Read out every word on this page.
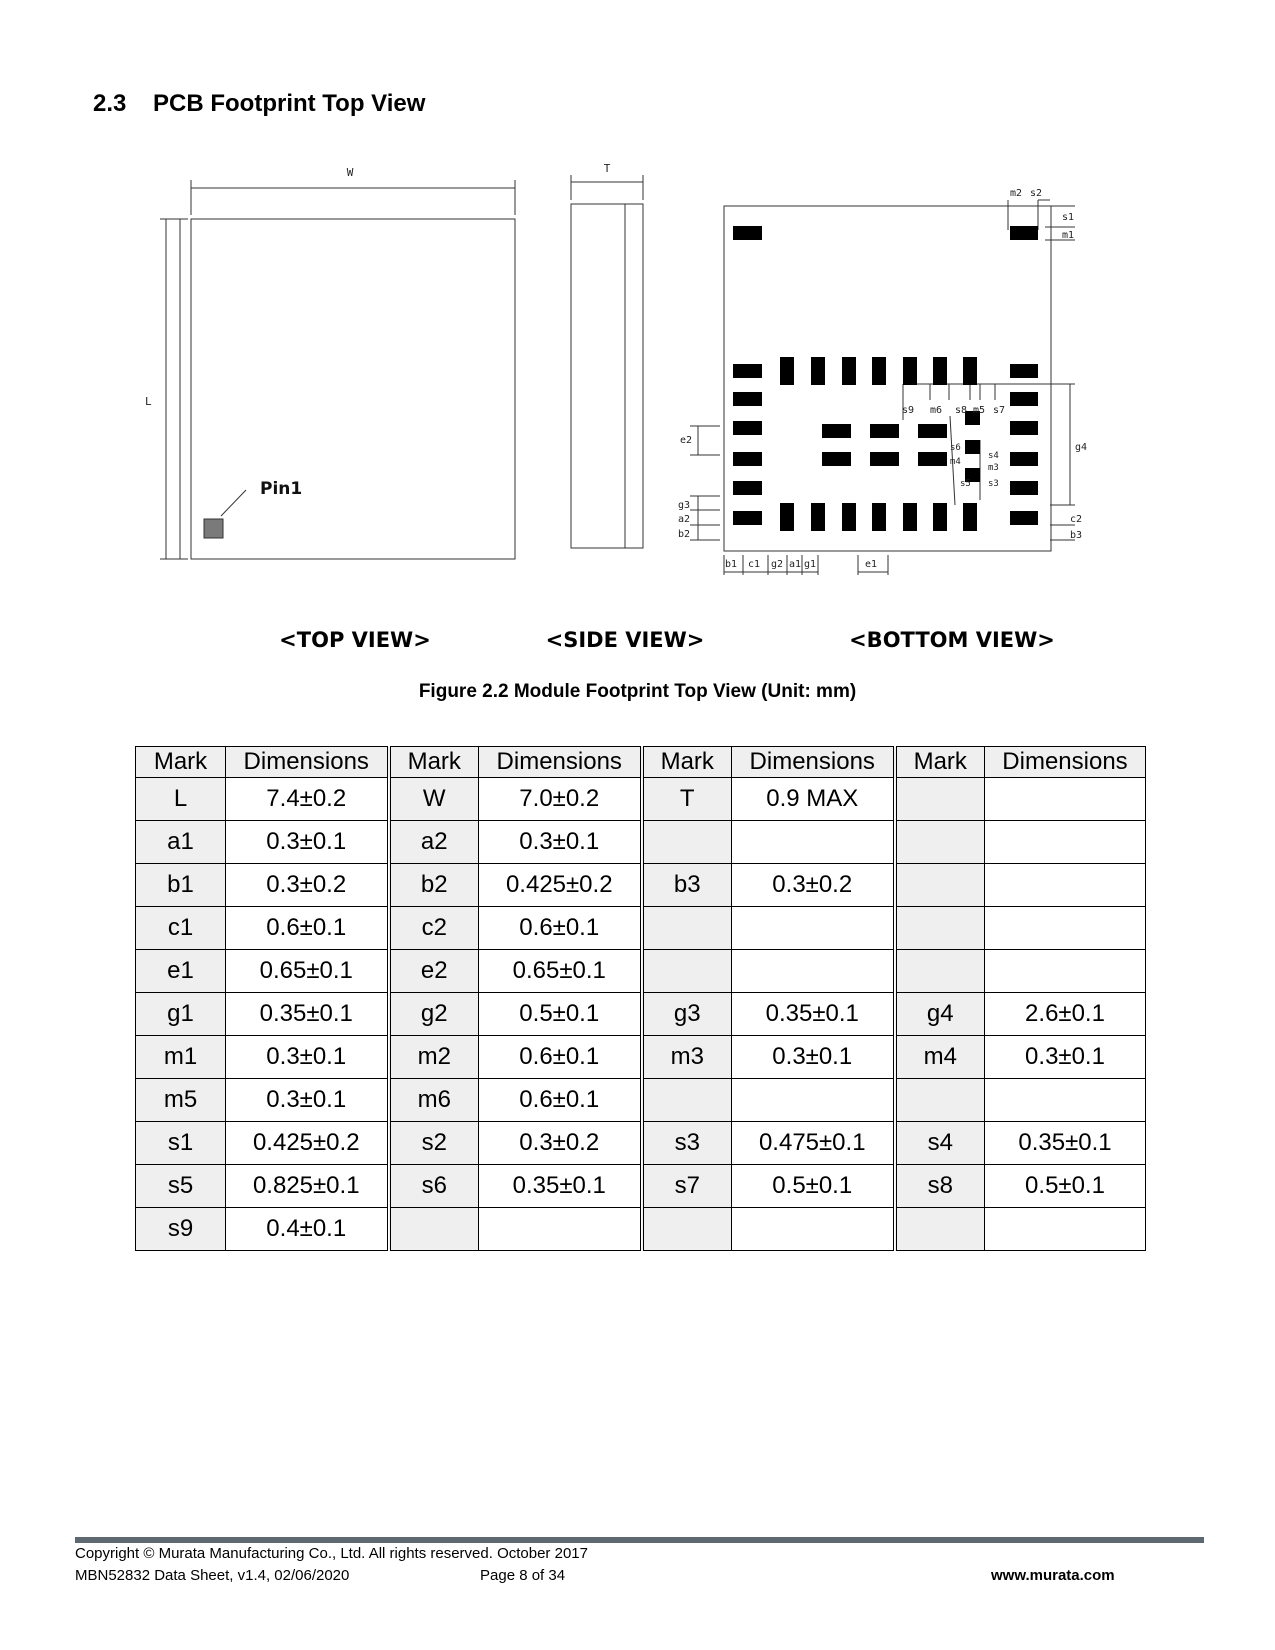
2.3 PCB Footprint Top View
W	T
L
m2 s2
s1
m1
s9 m6 s8 m5 s7
e2
g4
s6
m4
s4
m3
s5 s3
g3
a2
b2
c2
b3
b1 c1 g2 a1 g1	e1
Pin1
<TOP VIEW>	<SIDE VIEW>	<BOTTOM VIEW>
Figure 2.2 Module Footprint Top View (Unit: mm)
Mark	Dimensions	Mark	Dimensions	Mark	Dimensions	Mark	Dimensions
L	7.4±0.2	W	7.0±0.2	T	0.9 MAX		
a1	0.3±0.1	a2	0.3±0.1				
b1	0.3±0.2	b2	0.425±0.2	b3	0.3±0.2		
c1	0.6±0.1	c2	0.6±0.1				
e1	0.65±0.1	e2	0.65±0.1				
g1	0.35±0.1	g2	0.5±0.1	g3	0.35±0.1	g4	2.6±0.1
m1	0.3±0.1	m2	0.6±0.1	m3	0.3±0.1	m4	0.3±0.1
m5	0.3±0.1	m6	0.6±0.1				
s1	0.425±0.2	s2	0.3±0.2	s3	0.475±0.1	s4	0.35±0.1
s5	0.825±0.1	s6	0.35±0.1	s7	0.5±0.1	s8	0.5±0.1
s9	0.4±0.1						
Copyright © Murata Manufacturing Co., Ltd. All rights reserved. October 2017
MBN52832 Data Sheet, v1.4, 02/06/2020	Page 8 of 34	www.murata.com
